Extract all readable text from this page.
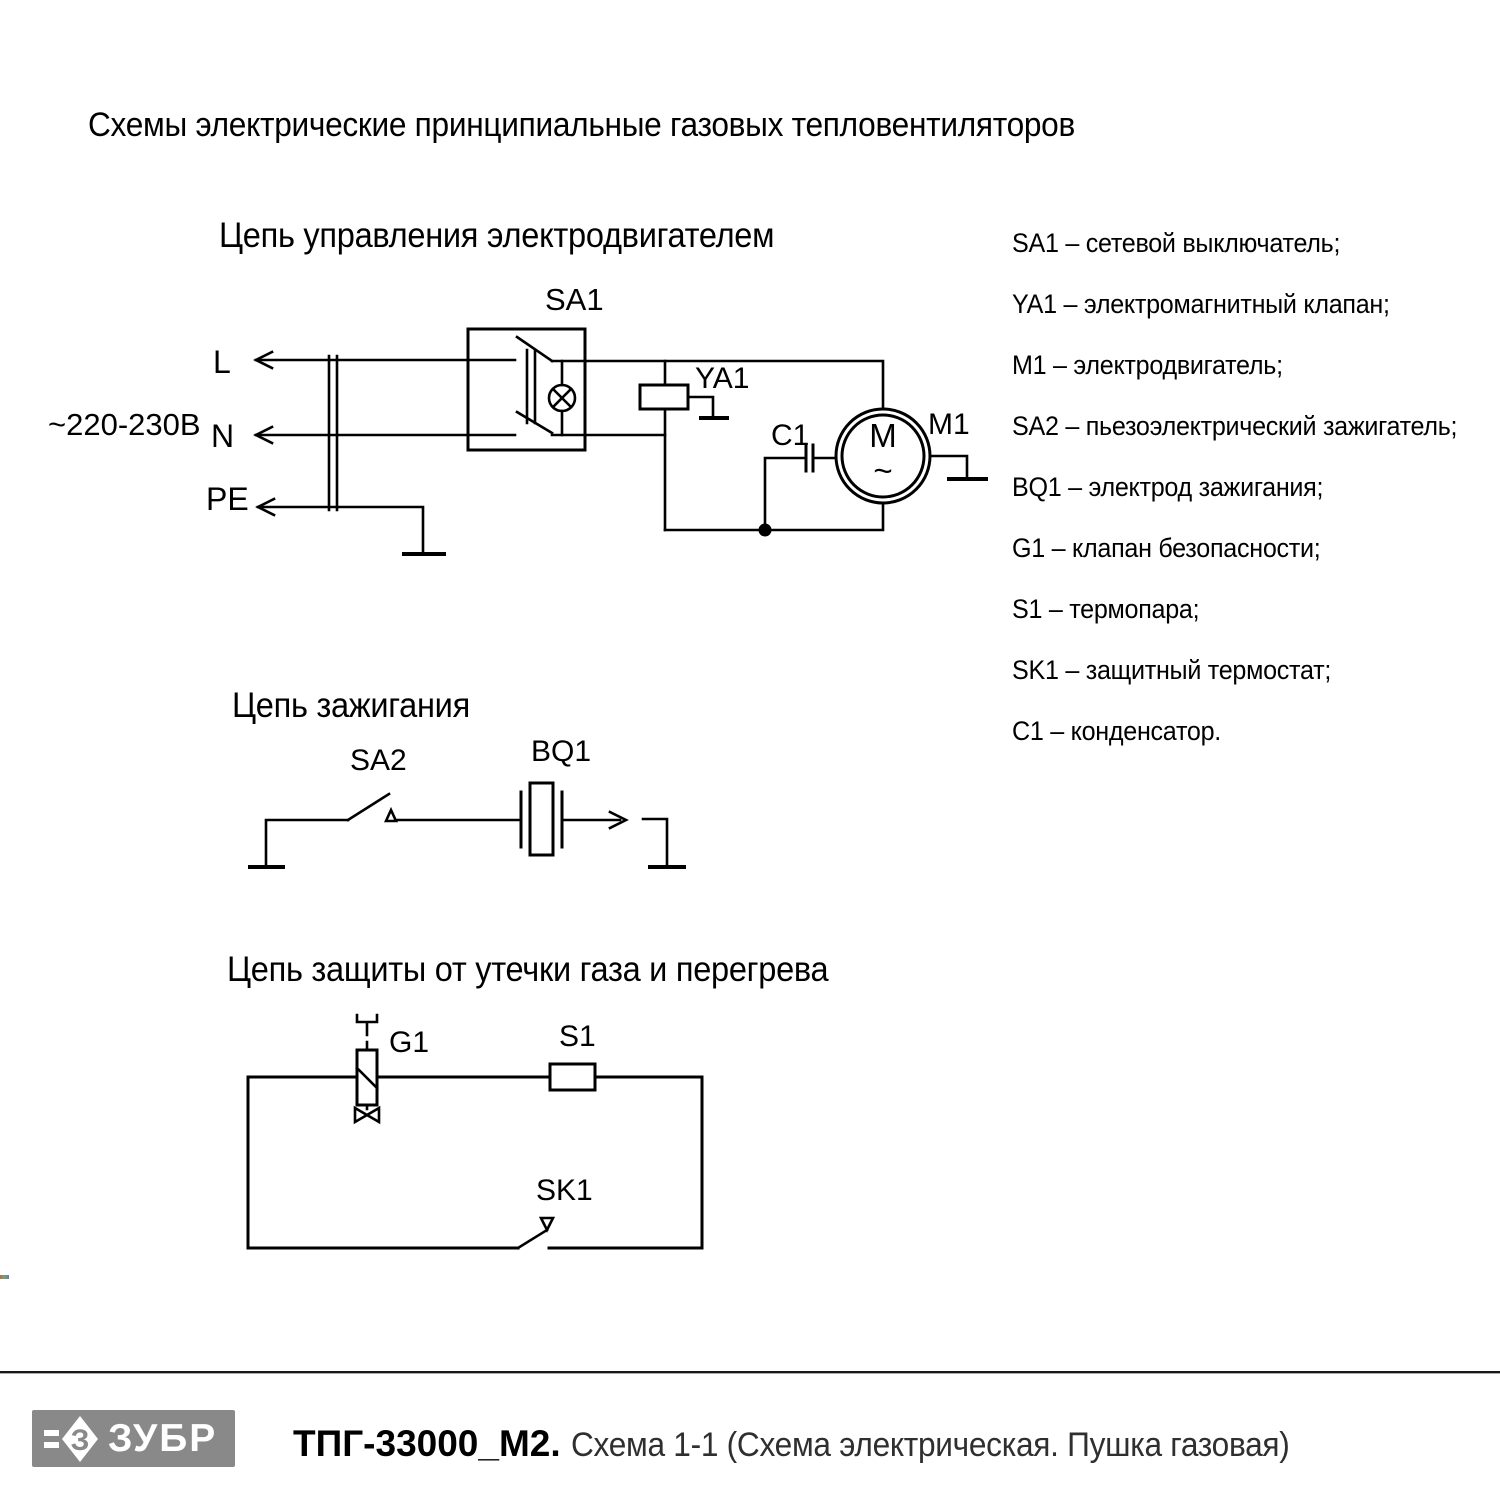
Схемы электрические принципиальные газовых тепловентиляторов
Цепь управления электродвигателем
Цепь зажигания
Цепь защиты от утечки газа и перегрева
~220-230В
L
N
PE
SA1
YA1
C1	M1
M
~
SA2	BQ1
G1	S1
SK1
SA1 – сетевой выключатель;
YA1 – электромагнитный клапан;
M1 – электродвигатель;
SA2 – пьезоэлектрический зажигатель;
BQ1 – электрод зажигания;
G1 – клапан безопасности;
S1 – термопара;
SK1 – защитный термостат;
C1 – конденсатор.
З ЗУБР ТПГ-33000_М2. Схема 1-1 (Схема электрическая. Пушка газовая)
